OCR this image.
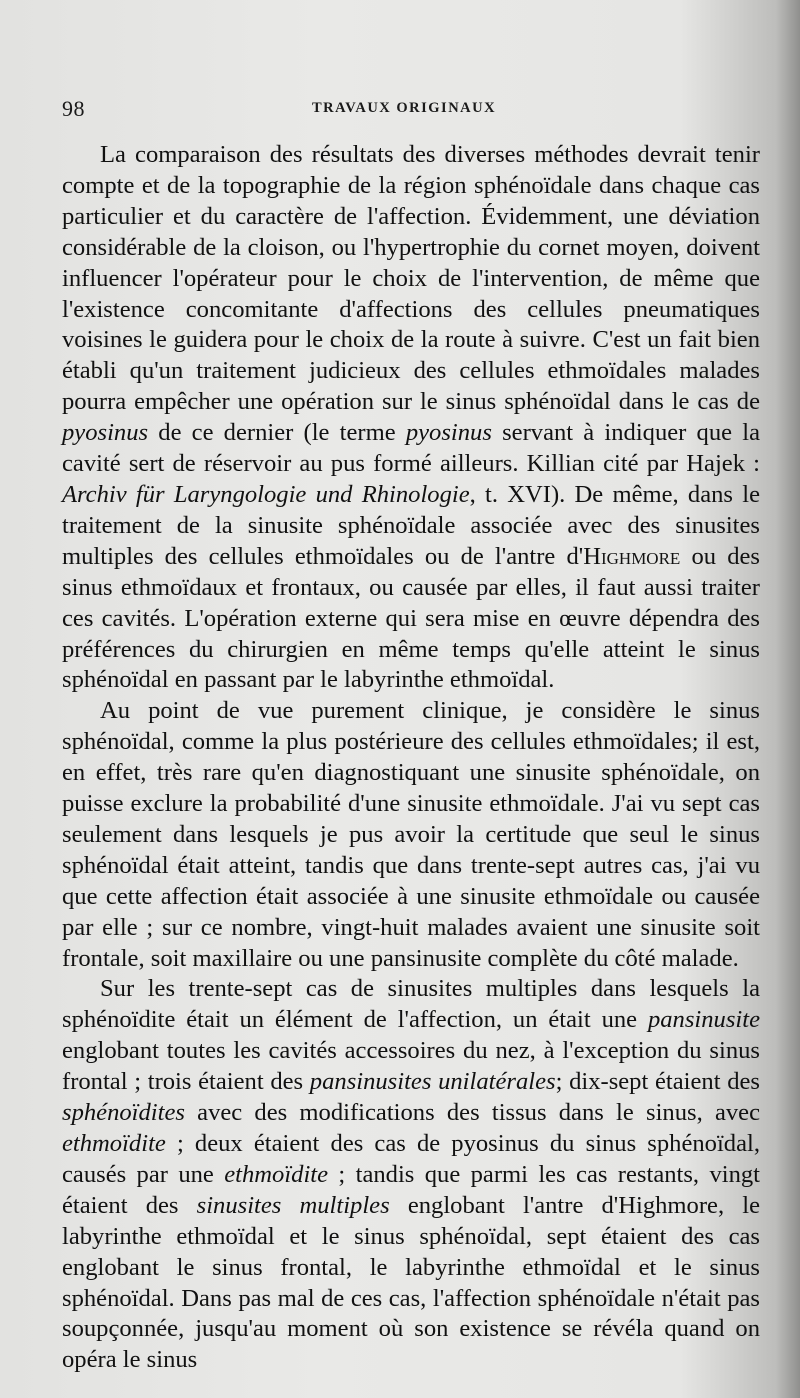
98	TRAVAUX ORIGINAUX

La comparaison des résultats des diverses méthodes devrait tenir compte et de la topographie de la région sphénoïdale dans chaque cas particulier et du caractère de l'affection. Évidemment, une déviation considérable de la cloison, ou l'hypertrophie du cornet moyen, doivent influencer l'opérateur pour le choix de l'intervention, de même que l'existence concomitante d'affections des cellules pneumatiques voisines le guidera pour le choix de la route à suivre. C'est un fait bien établi qu'un traitement judicieux des cellules ethmoïdales malades pourra empêcher une opération sur le sinus sphénoïdal dans le cas de pyosinus de ce dernier (le terme pyosinus servant à indiquer que la cavité sert de réservoir au pus formé ailleurs. Killian cité par Hajek : Archiv für Laryngologie und Rhinologie, t. XVI). De même, dans le traitement de la sinusite sphénoïdale associée avec des sinusites multiples des cellules ethmoïdales ou de l'antre d'Highmore ou des sinus ethmoïdaux et frontaux, ou causée par elles, il faut aussi traiter ces cavités. L'opération externe qui sera mise en œuvre dépendra des préférences du chirurgien en même temps qu'elle atteint le sinus sphénoïdal en passant par le labyrinthe ethmoïdal.

Au point de vue purement clinique, je considère le sinus sphénoïdal, comme la plus postérieure des cellules ethmoïdales; il est, en effet, très rare qu'en diagnostiquant une sinusite sphénoïdale, on puisse exclure la probabilité d'une sinusite ethmoïdale. J'ai vu sept cas seulement dans lesquels je pus avoir la certitude que seul le sinus sphénoïdal était atteint, tandis que dans trente-sept autres cas, j'ai vu que cette affection était associée à une sinusite ethmoïdale ou causée par elle ; sur ce nombre, vingt-huit malades avaient une sinusite soit frontale, soit maxillaire ou une pansinusite complète du côté malade.

Sur les trente-sept cas de sinusites multiples dans lesquels la sphénoïdite était un élément de l'affection, un était une pansinusite englobant toutes les cavités accessoires du nez, à l'exception du sinus frontal ; trois étaient des pansinusites unilatérales; dix-sept étaient des sphénoïdites avec des modifications des tissus dans le sinus, avec ethmoïdite ; deux étaient des cas de pyosinus du sinus sphénoïdal, causés par une ethmoïdite ; tandis que parmi les cas restants, vingt étaient des sinusites multiples englobant l'antre d'Highmore, le labyrinthe ethmoïdal et le sinus sphénoïdal, sept étaient des cas englobant le sinus frontal, le labyrinthe ethmoïdal et le sinus sphénoïdal. Dans pas mal de ces cas, l'affection sphénoïdale n'était pas soupçonnée, jusqu'au moment où son existence se révéla quand on opéra le sinus
